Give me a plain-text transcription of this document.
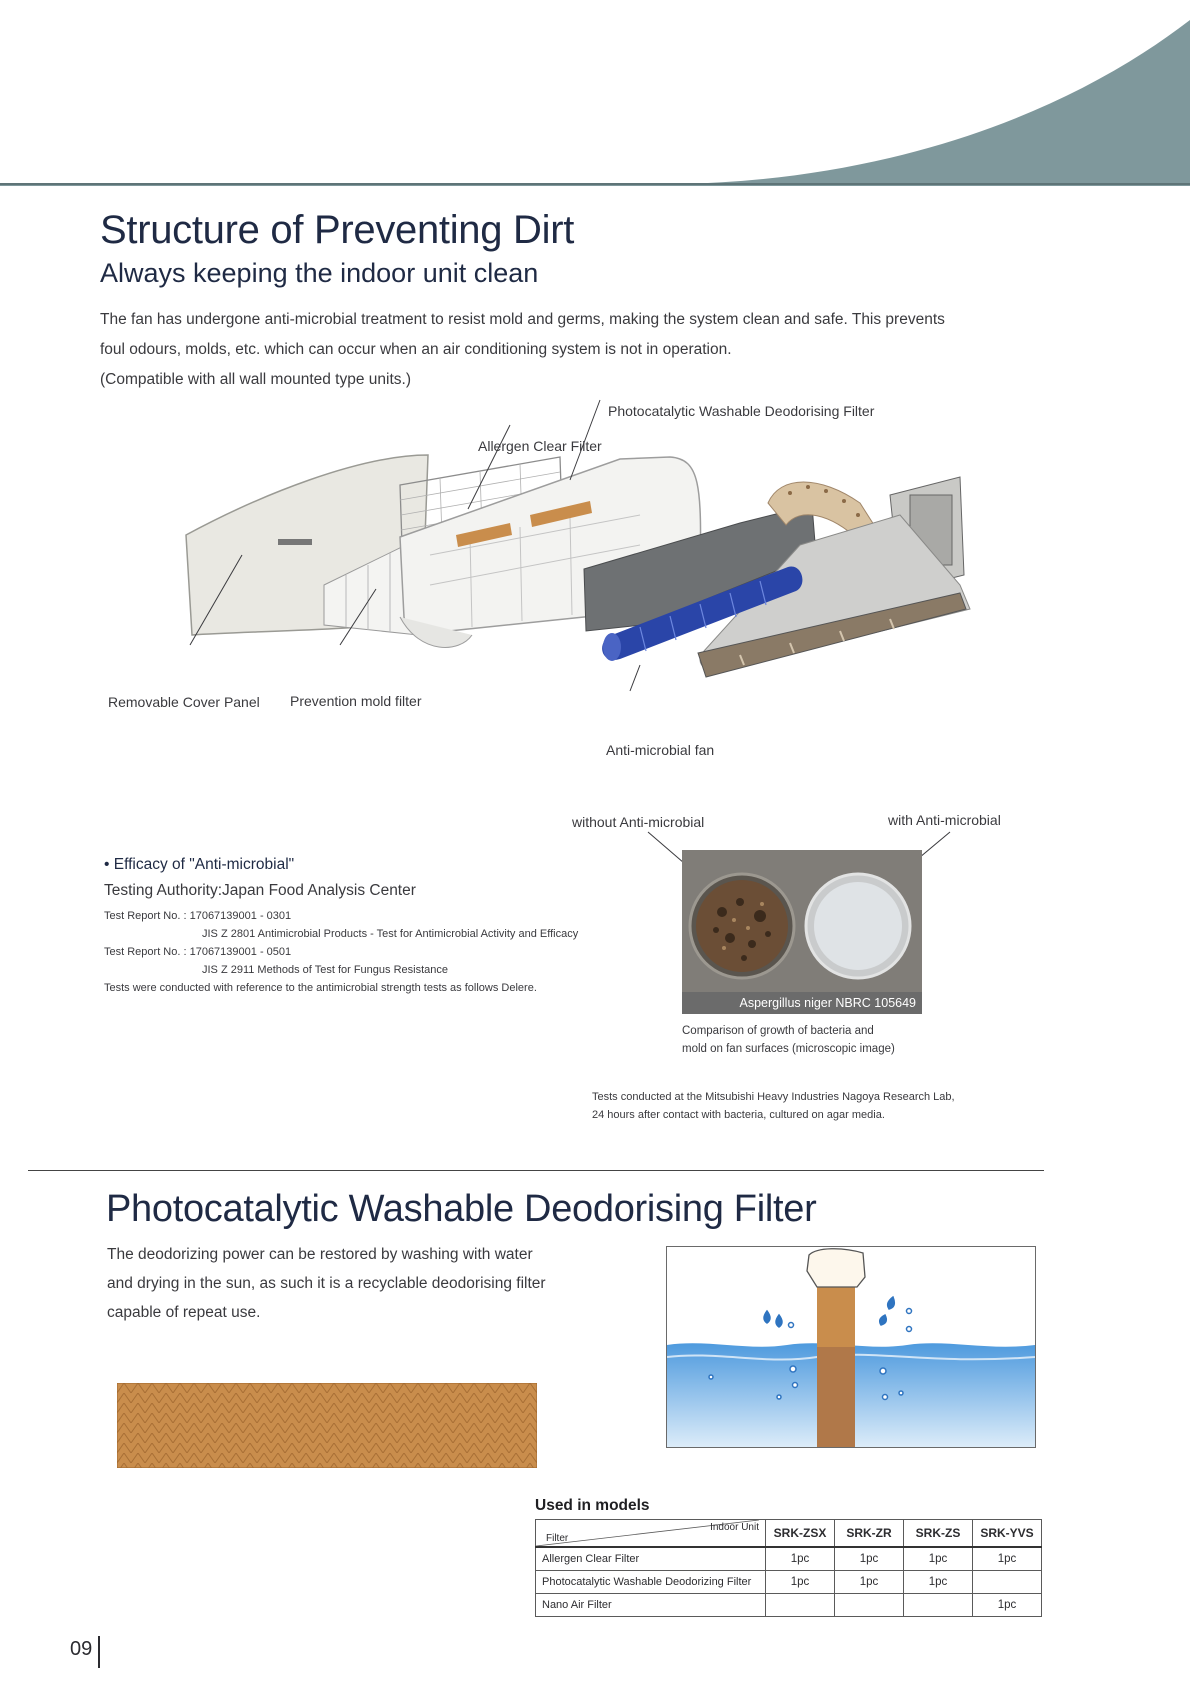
Structure of Preventing Dirt
Always keeping the indoor unit clean
The fan has undergone anti-microbial treatment to resist mold and germs, making the system clean and safe. This prevents
foul odours, molds, etc. which can occur when an air conditioning system is not in operation.
(Compatible with all wall mounted type units.)
Photocatalytic Washable Deodorising Filter
Allergen Clear Filter
Removable Cover Panel Prevention mold filter
Anti-microbial fan
without Anti-microbial	with Anti-microbial
Aspergillus niger NBRC 105649
Comparison of growth of bacteria and
mold on fan surfaces (microscopic image)
Tests conducted at the Mitsubishi Heavy Industries Nagoya Research Lab,
24 hours after contact with bacteria, cultured on agar media.
• Efficacy of "Anti-microbial"
Testing Authority:Japan Food Analysis Center
Test Report No. : 17067139001 - 0301
JIS Z 2801 Antimicrobial Products - Test for Antimicrobial Activity and Efficacy
Test Report No. : 17067139001 - 0501
JIS Z 2911 Methods of Test for Fungus Resistance
Tests were conducted with reference to the antimicrobial strength tests as follows Delere.
Photocatalytic Washable Deodorising Filter
The deodorizing power can be restored by washing with water
and drying in the sun, as such it is a recyclable deodorising filter
capable of repeat use.
Used in models
Indoor Unit
Filter	SRK-ZSX	SRK-ZR	SRK-ZS	SRK-YVS
Allergen Clear Filter	1pc	1pc	1pc	1pc
Photocatalytic Washable Deodorizing Filter	1pc	1pc	1pc	
Nano Air Filter				1pc
09
